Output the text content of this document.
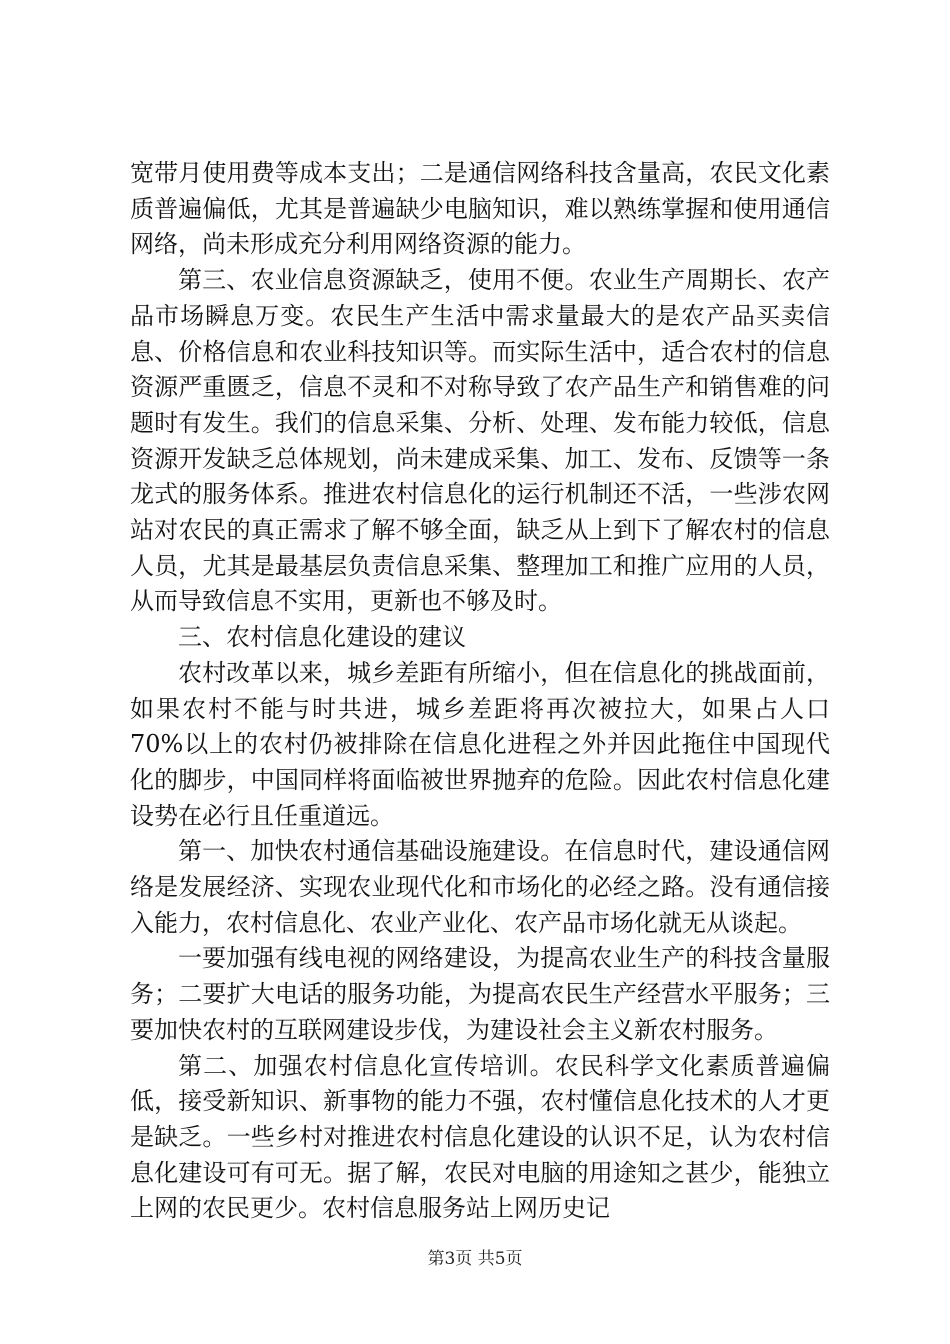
宽带月使用费等成本支出；二是通信网络科技含量高，农民文化素质普遍偏低，尤其是普遍缺少电脑知识，难以熟练掌握和使用通信网络，尚未形成充分利用网络资源的能力。

第三、农业信息资源缺乏，使用不便。农业生产周期长、农产品市场瞬息万变。农民生产生活中需求量最大的是农产品买卖信息、价格信息和农业科技知识等。而实际生活中，适合农村的信息资源严重匮乏，信息不灵和不对称导致了农产品生产和销售难的问题时有发生。我们的信息采集、分析、处理、发布能力较低，信息资源开发缺乏总体规划，尚未建成采集、加工、发布、反馈等一条龙式的服务体系。推进农村信息化的运行机制还不活，一些涉农网站对农民的真正需求了解不够全面，缺乏从上到下了解农村的信息人员，尤其是最基层负责信息采集、整理加工和推广应用的人员，从而导致信息不实用，更新也不够及时。

三、农村信息化建设的建议

农村改革以来，城乡差距有所缩小，但在信息化的挑战面前，如果农村不能与时共进，城乡差距将再次被拉大，如果占人口70%以上的农村仍被排除在信息化进程之外并因此拖住中国现代化的脚步，中国同样将面临被世界抛弃的危险。因此农村信息化建设势在必行且任重道远。

第一、加快农村通信基础设施建设。在信息时代，建设通信网络是发展经济、实现农业现代化和市场化的必经之路。没有通信接入能力，农村信息化、农业产业化、农产品市场化就无从谈起。

一要加强有线电视的网络建设，为提高农业生产的科技含量服务；二要扩大电话的服务功能，为提高农民生产经营水平服务；三要加快农村的互联网建设步伐，为建设社会主义新农村服务。

第二、加强农村信息化宣传培训。农民科学文化素质普遍偏低，接受新知识、新事物的能力不强，农村懂信息化技术的人才更是缺乏。一些乡村对推进农村信息化建设的认识不足，认为农村信息化建设可有可无。据了解，农民对电脑的用途知之甚少，能独立上网的农民更少。农村信息服务站上网历史记

第3页 共5页
